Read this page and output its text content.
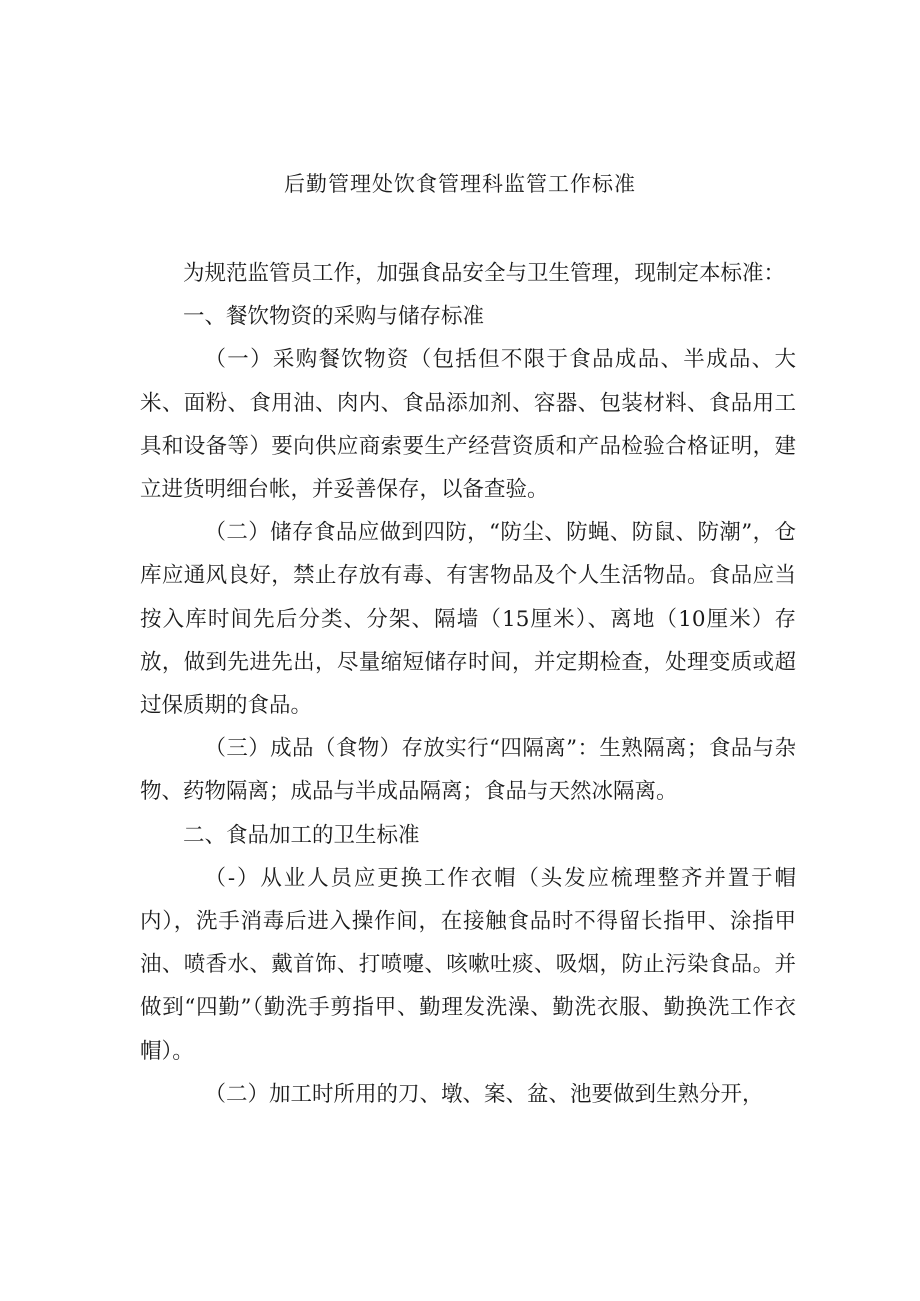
后勤管理处饮食管理科监管工作标准

为规范监管员工作，加强食品安全与卫生管理，现制定本标准：

一、餐饮物资的采购与储存标准

（一）采购餐饮物资（包括但不限于食品成品、半成品、大米、面粉、食用油、肉内、食品添加剂、容器、包装材料、食品用工具和设备等）要向供应商索要生产经营资质和产品检验合格证明，建立进货明细台帐，并妥善保存，以备查验。

（二）储存食品应做到四防，“防尘、防蝇、防鼠、防潮”，仓库应通风良好，禁止存放有毒、有害物品及个人生活物品。食品应当按入库时间先后分类、分架、隔墙（15厘米）、离地（10厘米）存放，做到先进先出，尽量缩短储存时间，并定期检查，处理变质或超过保质期的食品。

（三）成品（食物）存放实行“四隔离”：生熟隔离；食品与杂物、药物隔离；成品与半成品隔离；食品与天然冰隔离。

二、食品加工的卫生标准

（-）从业人员应更换工作衣帽（头发应梳理整齐并置于帽内），洗手消毒后进入操作间，在接触食品时不得留长指甲、涂指甲油、喷香水、戴首饰、打喷嚏、咳嗽吐痰、吸烟，防止污染食品。并做到“四勤”（勤洗手剪指甲、勤理发洗澡、勤洗衣服、勤换洗工作衣帽）。

（二）加工时所用的刀、墩、案、盆、池要做到生熟分开，
